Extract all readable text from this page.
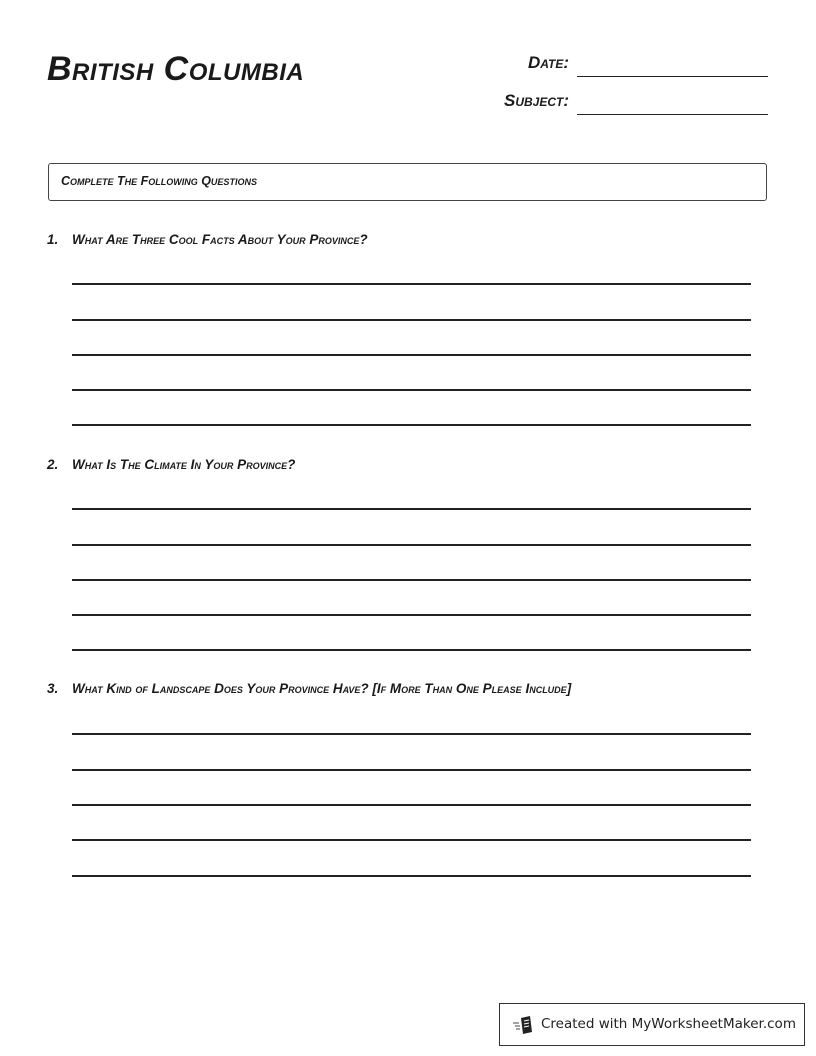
British Columbia	Date:
Subject:
Complete The Following Questions
1. What Are Three Cool Facts About Your Province?
2. What Is The Climate In Your Province?
3. What Kind of Landscape Does Your Province Have? [If More Than One Please Include]
Created with MyWorksheetMaker.com
